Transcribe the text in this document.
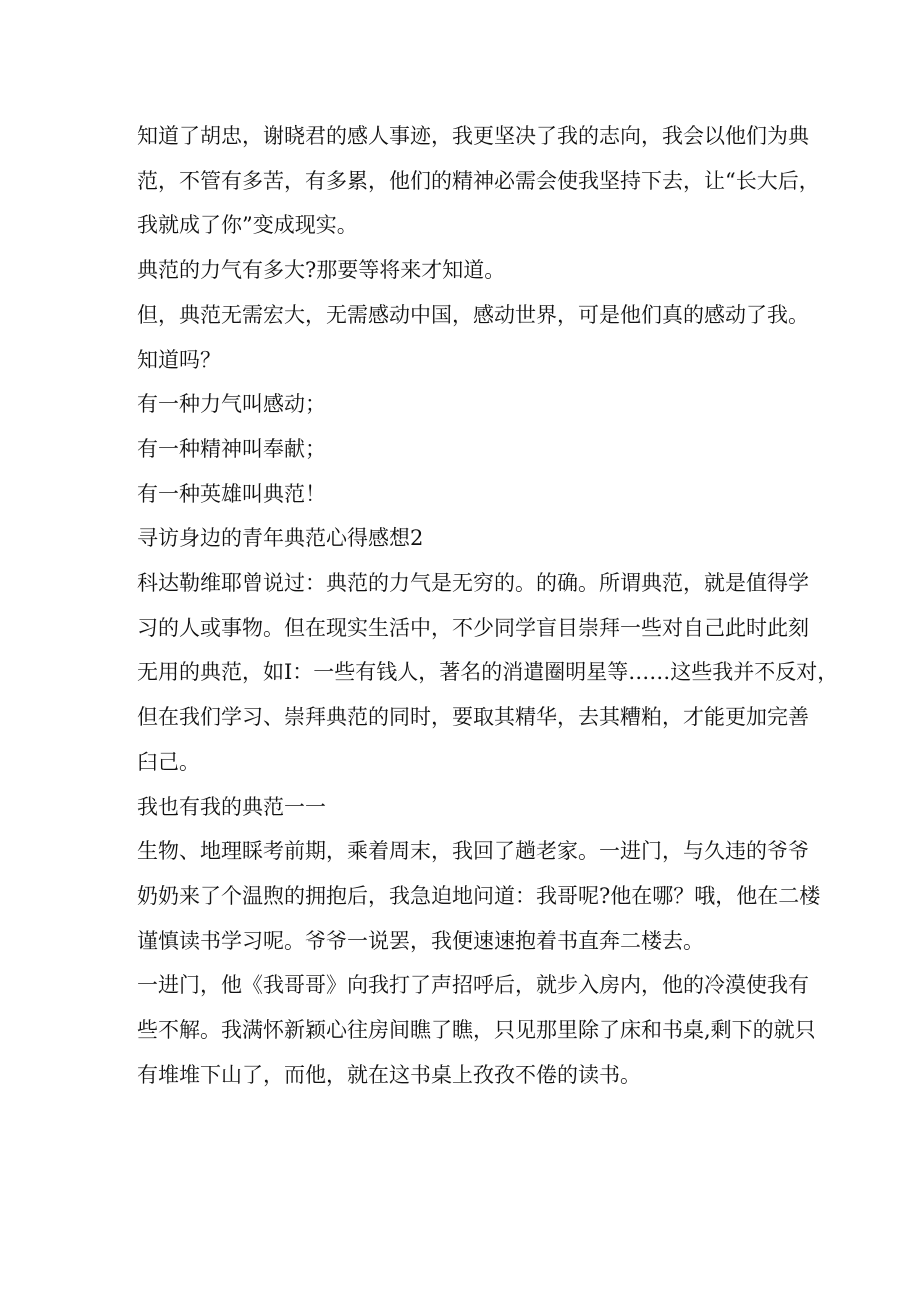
知道了胡忠，谢晓君的感人事迹，我更坚决了我的志向，我会以他们为典
范，不管有多苦，有多累，他们的精神必需会使我坚持下去，让“长大后，
我就成了你”变成现实。

典范的力气有多大?那要等将来才知道。

但，典范无需宏大，无需感动中国，感动世界，可是他们真的感动了我。

知道吗？

有一种力气叫感动；

有一种精神叫奉献；

有一种英雄叫典范！

寻访身边的青年典范心得感想2

科达勒维耶曾说过：典范的力气是无穷的。的确。所谓典范，就是值得学
习的人或事物。但在现实生活中，不少同学盲目崇拜一些对自己此时此刻
无用的典范，如I：一些有钱人，著名的消遣圈明星等……这些我并不反对，
但在我们学习、崇拜典范的同时，要取其精华，去其糟粕，才能更加完善
臼己。

我也有我的典范一一

生物、地理睬考前期，乘着周末，我回了趟老家。一进门，与久违的爷爷
奶奶来了个温煦的拥抱后，我急迫地问道：我哥呢?他在哪？哦，他在二楼
谨慎读书学习呢。爷爷一说罢，我便速速抱着书直奔二楼去。

一进门，他《我哥哥》向我打了声招呼后，就步入房内，他的冷漠使我有
些不解。我满怀新颖心往房间瞧了瞧，只见那里除了床和书桌,剩下的就只
有堆堆下山了，而他，就在这书桌上孜孜不倦的读书。
